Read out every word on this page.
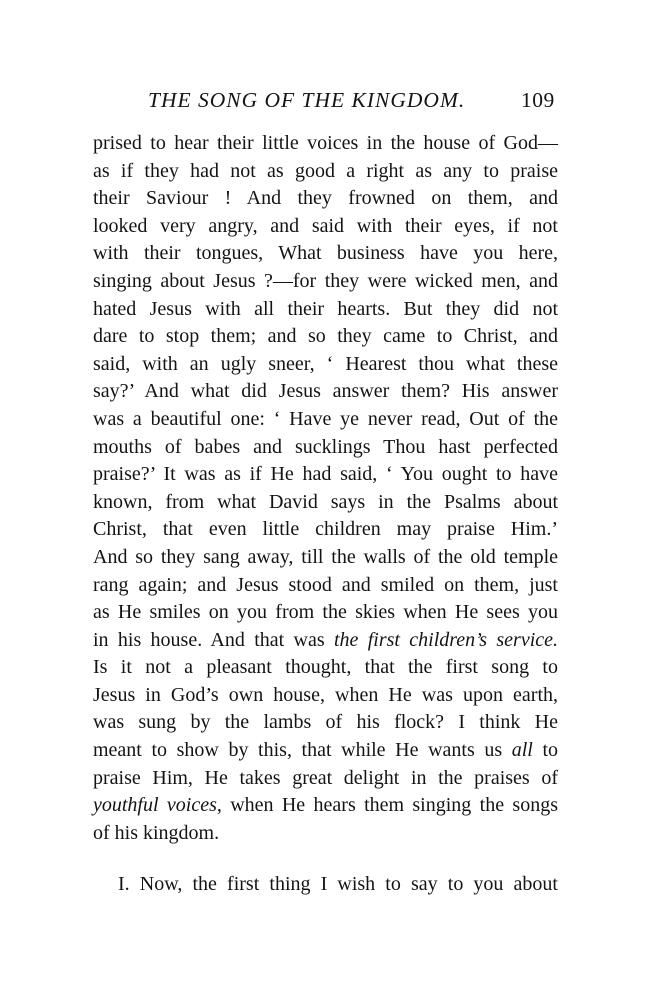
THE SONG OF THE KINGDOM.	109
prised to hear their little voices in the house of God—
as if they had not as good a right as any to praise
their Saviour ! And they frowned on them, and
looked very angry, and said with their eyes, if not
with their tongues, What business have you here,
singing about Jesus ?—for they were wicked men, and
hated Jesus with all their hearts. But they did not
dare to stop them; and so they came to Christ, and
said, with an ugly sneer, ‘ Hearest thou what these
say?’ And what did Jesus answer them? His answer
was a beautiful one: ‘ Have ye never read, Out of the
mouths of babes and sucklings Thou hast perfected
praise?’ It was as if He had said, ‘ You ought to have
known, from what David says in the Psalms about
Christ, that even little children may praise Him.’
And so they sang away, till the walls of the old temple
rang again; and Jesus stood and smiled on them, just
as He smiles on you from the skies when He sees you
in his house. And that was the first children’s service.
Is it not a pleasant thought, that the first song to
Jesus in God’s own house, when He was upon earth,
was sung by the lambs of his flock? I think He
meant to show by this, that while He wants us all to
praise Him, He takes great delight in the praises of
youthful voices, when He hears them singing the songs
of his kingdom.
I. Now, the first thing I wish to say to you about
